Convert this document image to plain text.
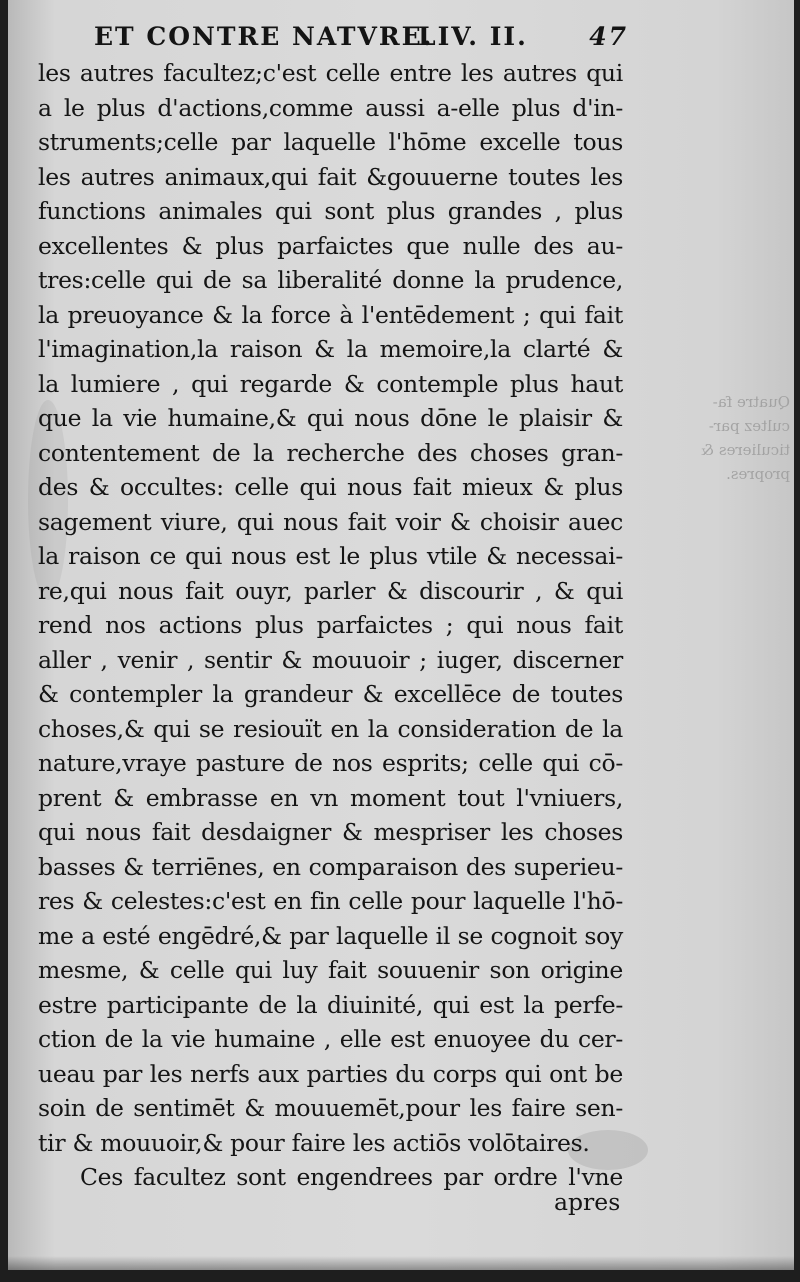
ET CONTRE NATVRE.
LIV. II. 47
les autres facultez;c'est celle entre les autres qui
a le plus d'actions,comme aussi a-elle plus d'in-
struments;celle par laquelle l'hōme excelle tous
les autres animaux,qui fait &gouuerne toutes les
functions animales qui sont plus grandes , plus
excellentes & plus parfaictes que nulle des au-
tres:celle qui de sa liberalité donne la prudence,
la preuoyance & la force à l'entēdement ; qui fait
l'imagination,la raison & la memoire,la clarté &
la lumiere , qui regarde & contemple plus haut
que la vie humaine,& qui nous dōne le plaisir &
contentement de la recherche des choses gran-
des & occultes: celle qui nous fait mieux & plus
sagement viure, qui nous fait voir & choisir auec
la raison ce qui nous est le plus vtile & necessai-
re,qui nous fait ouyr, parler & discourir , & qui
rend nos actions plus parfaictes ; qui nous fait
aller , venir , sentir & mouuoir ; iuger, discerner
& contempler la grandeur & excellēce de toutes
choses,& qui se resiouït en la consideration de la
nature,vraye pasture de nos esprits; celle qui cō-
prent & embrasse en vn moment tout l'vniuers,
qui nous fait desdaigner & mespriser les choses
basses & terriēnes, en comparaison des superieu-
res & celestes:c'est en fin celle pour laquelle l'hō-
me a esté engēdré,& par laquelle il se cognoit soy
mesme, & celle qui luy fait souuenir son origine
estre participante de la diuinité, qui est la perfe-
ction de la vie humaine , elle est enuoyee du cer-
ueau par les nerfs aux parties du corps qui ont be
soin de sentimēt & mouuemēt,pour les faire sen-
tir & mouuoir,& pour faire les actiōs volōtaires.
Ces facultez sont engendrees par ordre l'vne
Quatre fa-
cultez par-
ticulieres &
propres.
apres
